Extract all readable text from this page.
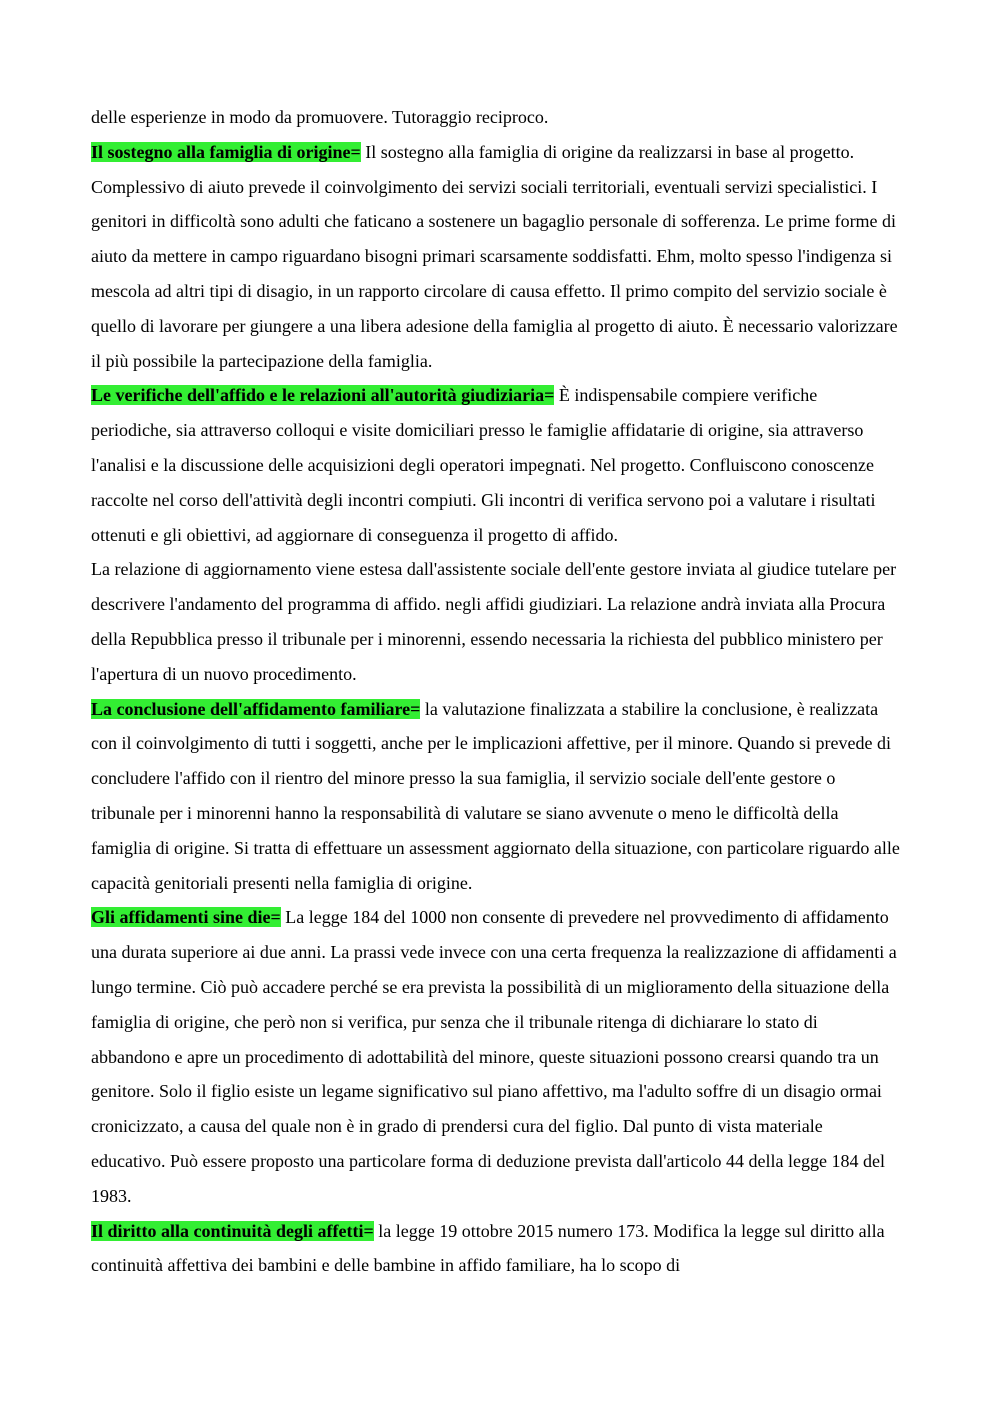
delle esperienze in modo da promuovere. Tutoraggio reciproco.

Il sostegno alla famiglia di origine= Il sostegno alla famiglia di origine da realizzarsi in base al progetto. Complessivo di aiuto prevede il coinvolgimento dei servizi sociali territoriali, eventuali servizi specialistici. I genitori in difficoltà sono adulti che faticano a sostenere un bagaglio personale di sofferenza. Le prime forme di aiuto da mettere in campo riguardano bisogni primari scarsamente soddisfatti. Ehm, molto spesso l'indigenza si mescola ad altri tipi di disagio, in un rapporto circolare di causa effetto. Il primo compito del servizio sociale è quello di lavorare per giungere a una libera adesione della famiglia al progetto di aiuto. È necessario valorizzare il più possibile la partecipazione della famiglia.

Le verifiche dell'affido e le relazioni all'autorità giudiziaria= È indispensabile compiere verifiche periodiche, sia attraverso colloqui e visite domiciliari presso le famiglie affidatarie di origine, sia attraverso l'analisi e la discussione delle acquisizioni degli operatori impegnati. Nel progetto. Confluiscono conoscenze raccolte nel corso dell'attività degli incontri compiuti. Gli incontri di verifica servono poi a valutare i risultati ottenuti e gli obiettivi, ad aggiornare di conseguenza il progetto di affido.

La relazione di aggiornamento viene estesa dall'assistente sociale dell'ente gestore inviata al giudice tutelare per descrivere l'andamento del programma di affido. negli affidi giudiziari. La relazione andrà inviata alla Procura della Repubblica presso il tribunale per i minorenni, essendo necessaria la richiesta del pubblico ministero per l'apertura di un nuovo procedimento.

La conclusione dell'affidamento familiare= la valutazione finalizzata a stabilire la conclusione, è realizzata con il coinvolgimento di tutti i soggetti, anche per le implicazioni affettive, per il minore. Quando si prevede di concludere l'affido con il rientro del minore presso la sua famiglia, il servizio sociale dell'ente gestore o tribunale per i minorenni hanno la responsabilità di valutare se siano avvenute o meno le difficoltà della famiglia di origine. Si tratta di effettuare un assessment aggiornato della situazione, con particolare riguardo alle capacità genitoriali presenti nella famiglia di origine.

Gli affidamenti sine die= La legge 184 del 1000 non consente di prevedere nel provvedimento di affidamento una durata superiore ai due anni. La prassi vede invece con una certa frequenza la realizzazione di affidamenti a lungo termine. Ciò può accadere perché se era prevista la possibilità di un miglioramento della situazione della famiglia di origine, che però non si verifica, pur senza che il tribunale ritenga di dichiarare lo stato di abbandono e apre un procedimento di adottabilità del minore, queste situazioni possono crearsi quando tra un genitore. Solo il figlio esiste un legame significativo sul piano affettivo, ma l'adulto soffre di un disagio ormai cronicizzato, a causa del quale non è in grado di prendersi cura del figlio. Dal punto di vista materiale educativo. Può essere proposto una particolare forma di deduzione prevista dall'articolo 44 della legge 184 del 1983.

Il diritto alla continuità degli affetti= la legge 19 ottobre 2015 numero 173. Modifica la legge sul diritto alla continuità affettiva dei bambini e delle bambine in affido familiare, ha lo scopo di
